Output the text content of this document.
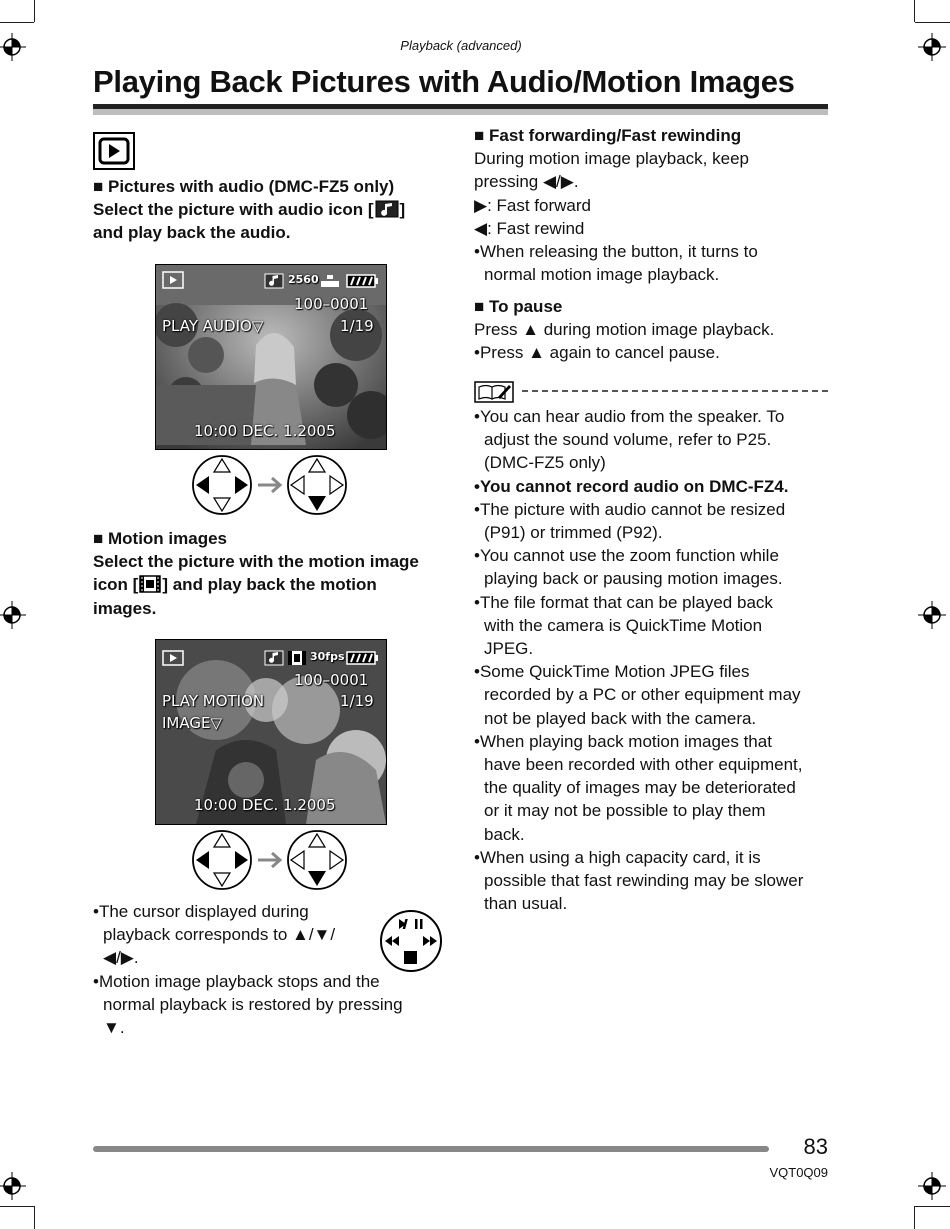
Playback (advanced)
Playing Back Pictures with Audio/Motion Images

■ Pictures with audio (DMC-FZ5 only)

Select the picture with audio icon [ ]

and play back the audio.

2560
100–0001
PLAY AUDIO▽	1/19
10:00 DEC. 1.2005

■ Motion images

Select the picture with the motion image

icon [ ] and play back the motion

images.

30fps
100–0001
PLAY MOTION	1/19
IMAGE▽
10:00 DEC. 1.2005

•The cursor displayed during

playback corresponds to ▲/▼/

◀/▶.

•Motion image playback stops and the

normal playback is restored by pressing

▼.

■ Fast forwarding/Fast rewinding

During motion image playback, keep

pressing ◀/▶.

▶: Fast forward

◀: Fast rewind

•When releasing the button, it turns to

normal motion image playback.

■ To pause

Press ▲ during motion image playback.

•Press ▲ again to cancel pause.

•You can hear audio from the speaker. To

adjust the sound volume, refer to P25.

(DMC-FZ5 only)

•You cannot record audio on DMC-FZ4.

•The picture with audio cannot be resized

(P91) or trimmed (P92).

•You cannot use the zoom function while

playing back or pausing motion images.

•The file format that can be played back

with the camera is QuickTime Motion

JPEG.

•Some QuickTime Motion JPEG files

recorded by a PC or other equipment may

not be played back with the camera.

•When playing back motion images that

have been recorded with other equipment,

the quality of images may be deteriorated

or it may not be possible to play them

back.

•When using a high capacity card, it is

possible that fast rewinding may be slower

than usual.

83
VQT0Q09
